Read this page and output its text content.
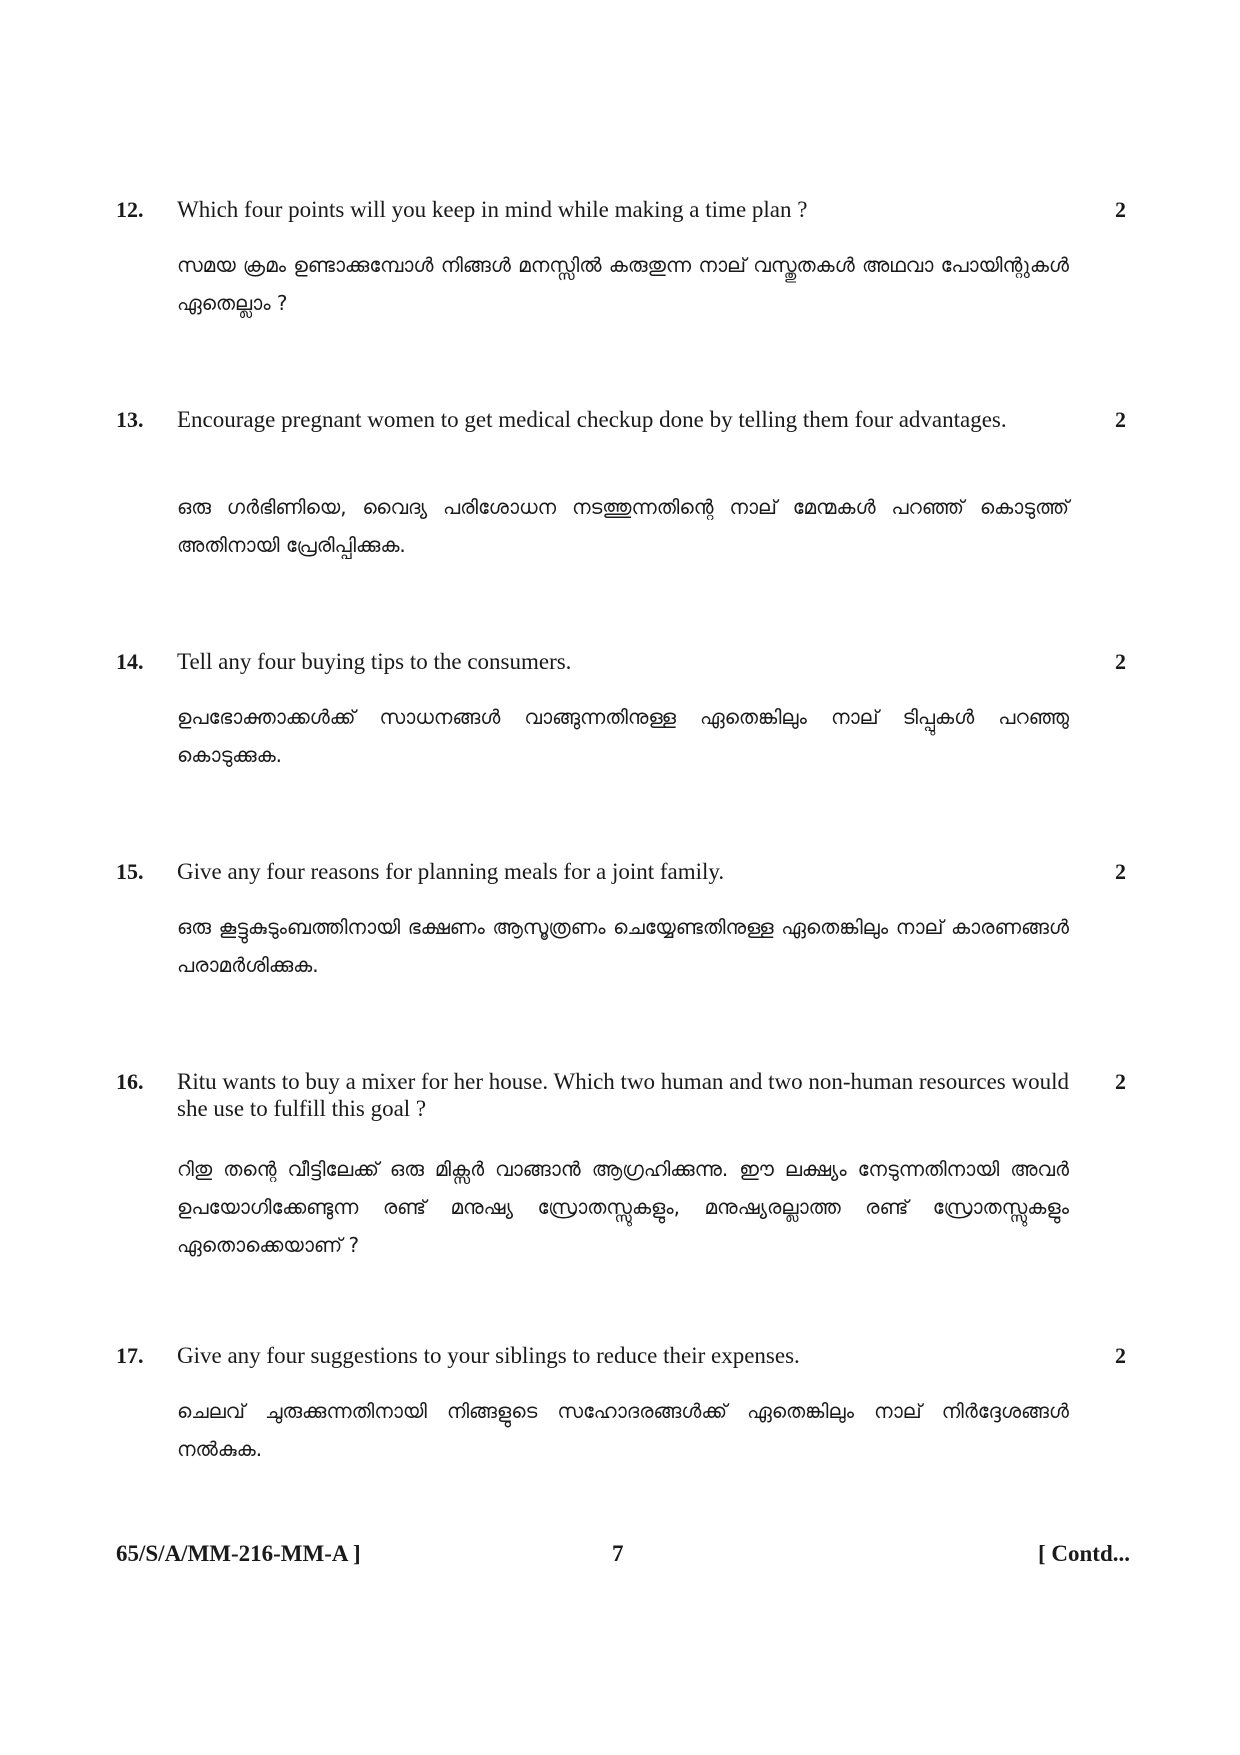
12.	Which four points will you keep in mind while making a time plan ?	2
സമയ ക്രമം ഉണ്ടാക്കുമ്പോൾ നിങ്ങൾ മനസ്സിൽ കരുതുന്ന നാല് വസ്തുതകൾ അഥവാ പോയിന്റുകൾ ഏതെല്ലാം ?
13.	Encourage pregnant women to get medical checkup done by telling them four advantages.	2
ഒരു ഗർഭിണിയെ, വൈദ്യ പരിശോധന നടത്തുന്നതിന്റെ നാല് മേന്മകൾ പറഞ്ഞ് കൊടുത്ത് അതിനായി പ്രേരിപ്പിക്കുക.
14.	Tell any four buying tips to the consumers.	2
ഉപഭോക്താക്കൾക്ക് സാധനങ്ങൾ വാങ്ങുന്നതിനുള്ള ഏതെങ്കിലും നാല് ടിപ്പുകൾ പറഞ്ഞു കൊടുക്കുക.
15.	Give any four reasons for planning meals for a joint family.	2
ഒരു കൂട്ടുകുടുംബത്തിനായി ഭക്ഷണം ആസൂത്രണം ചെയ്യേണ്ടതിനുള്ള ഏതെങ്കിലും നാല് കാരണങ്ങൾ പരാമർശിക്കുക.
16.	Ritu wants to buy a mixer for her house. Which two human and two non-human resources would she use to fulfill this goal ?
2
റിതു തന്റെ വീട്ടിലേക്ക് ഒരു മിക്സർ വാങ്ങാൻ ആഗ്രഹിക്കുന്നു. ഈ ലക്ഷ്യം നേടുന്നതിനായി അവർ ഉപയോഗിക്കേണ്ടുന്ന രണ്ട് മനുഷ്യ സ്രോതസ്സുകളും, മനുഷ്യരല്ലാത്ത രണ്ട് സ്രോതസ്സുകളും ഏതൊക്കെയാണ് ?
17.	Give any four suggestions to your siblings to reduce their expenses.	2
ചെലവ് ചുരുക്കുന്നതിനായി നിങ്ങളുടെ സഹോദരങ്ങൾക്ക് ഏതെങ്കിലും നാല് നിർദ്ദേശങ്ങൾ നൽകുക.
65/S/A/MM-216-MM-A ]	7	[ Contd...
